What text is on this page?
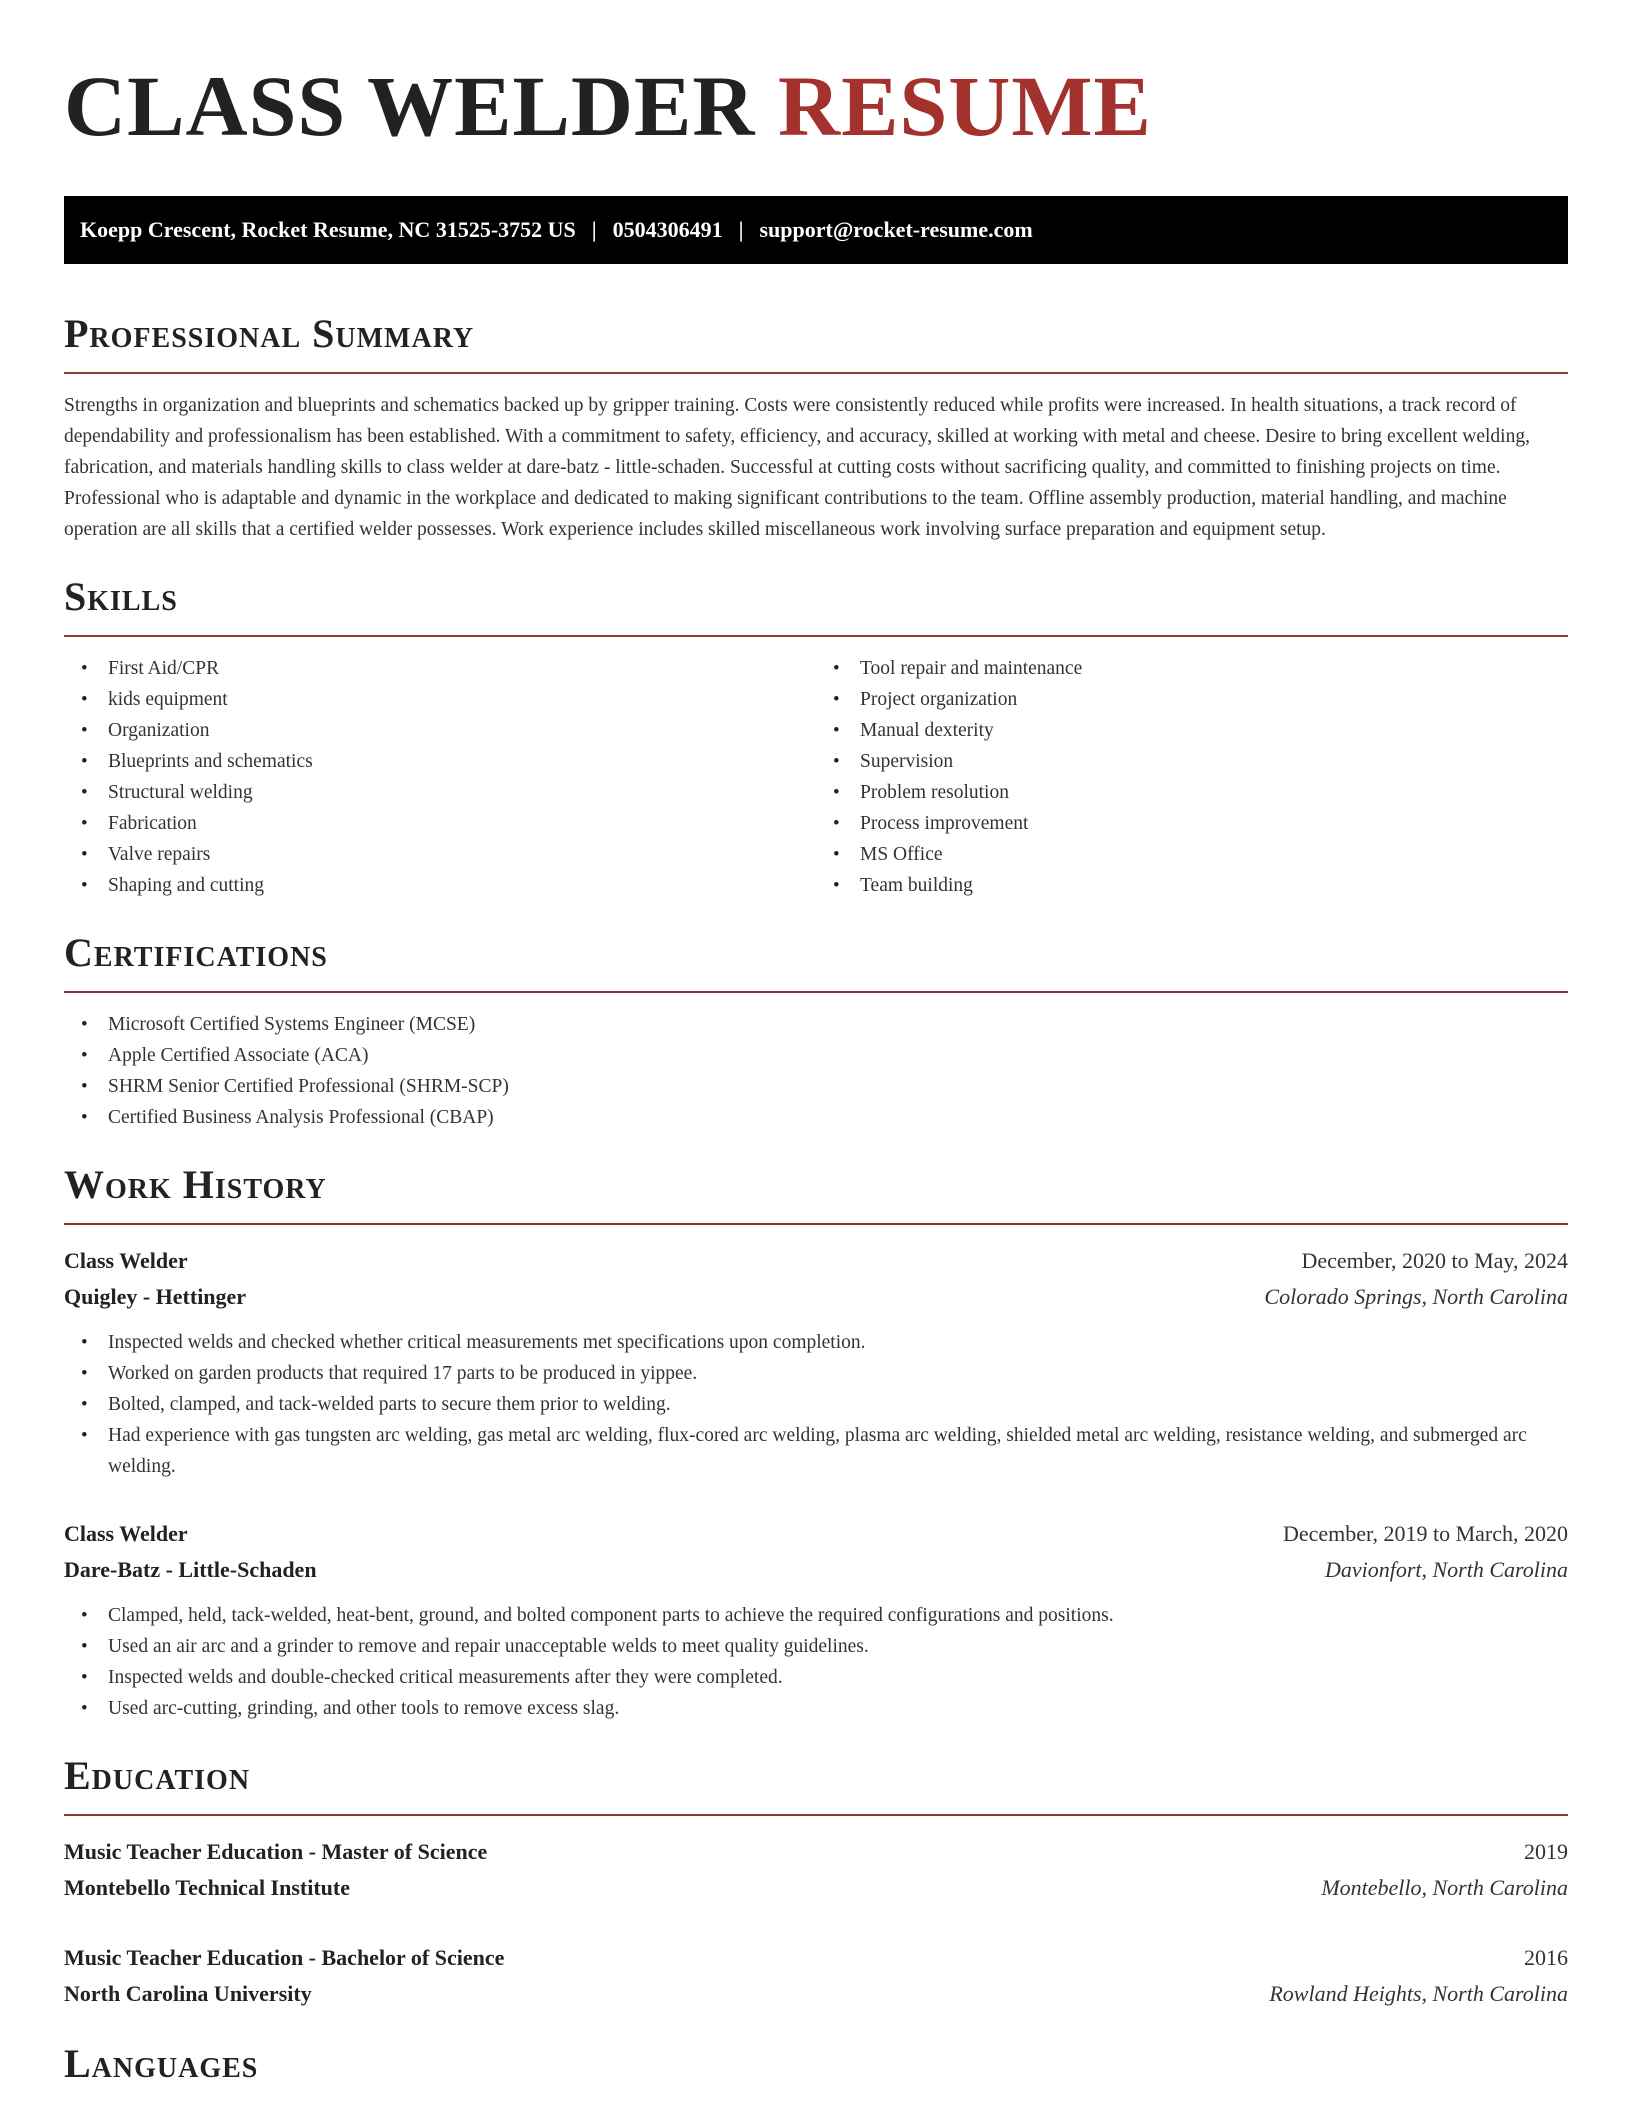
CLASS WELDER RESUME
Koepp Crescent, Rocket Resume, NC 31525-3752 US | 0504306491 | support@rocket-resume.com
Professional Summary

Strengths in organization and blueprints and schematics backed up by gripper training. Costs were consistently reduced while profits were increased. In health situations, a track record of dependability and professionalism has been established. With a commitment to safety, efficiency, and accuracy, skilled at working with metal and cheese. Desire to bring excellent welding, fabrication, and materials handling skills to class welder at dare-batz - little-schaden. Successful at cutting costs without sacrificing quality, and committed to finishing projects on time. Professional who is adaptable and dynamic in the workplace and dedicated to making significant contributions to the team. Offline assembly production, material handling, and machine operation are all skills that a certified welder possesses. Work experience includes skilled miscellaneous work involving surface preparation and equipment setup.

Skills
• First Aid/CPR
• kids equipment
• Organization
• Blueprints and schematics
• Structural welding
• Fabrication
• Valve repairs
• Shaping and cutting
• Tool repair and maintenance
• Project organization
• Manual dexterity
• Supervision
• Problem resolution
• Process improvement
• MS Office
• Team building
Certifications
• Microsoft Certified Systems Engineer (MCSE)
• Apple Certified Associate (ACA)
• SHRM Senior Certified Professional (SHRM-SCP)
• Certified Business Analysis Professional (CBAP)
Work History
Class Welder	December, 2020 to May, 2024
Quigley - Hettinger	Colorado Springs, North Carolina
• Inspected welds and checked whether critical measurements met specifications upon completion.
• Worked on garden products that required 17 parts to be produced in yippee.
• Bolted, clamped, and tack-welded parts to secure them prior to welding.
• Had experience with gas tungsten arc welding, gas metal arc welding, flux-cored arc welding, plasma arc welding, shielded metal arc welding, resistance welding, and submerged arc welding.
Class Welder	December, 2019 to March, 2020
Dare-Batz - Little-Schaden	Davionfort, North Carolina
• Clamped, held, tack-welded, heat-bent, ground, and bolted component parts to achieve the required configurations and positions.
• Used an air arc and a grinder to remove and repair unacceptable welds to meet quality guidelines.
• Inspected welds and double-checked critical measurements after they were completed.
• Used arc-cutting, grinding, and other tools to remove excess slag.
Education
Music Teacher Education - Master of Science	2019
Montebello Technical Institute	Montebello, North Carolina
Music Teacher Education - Bachelor of Science	2016
North Carolina University	Rowland Heights, North Carolina
Languages
